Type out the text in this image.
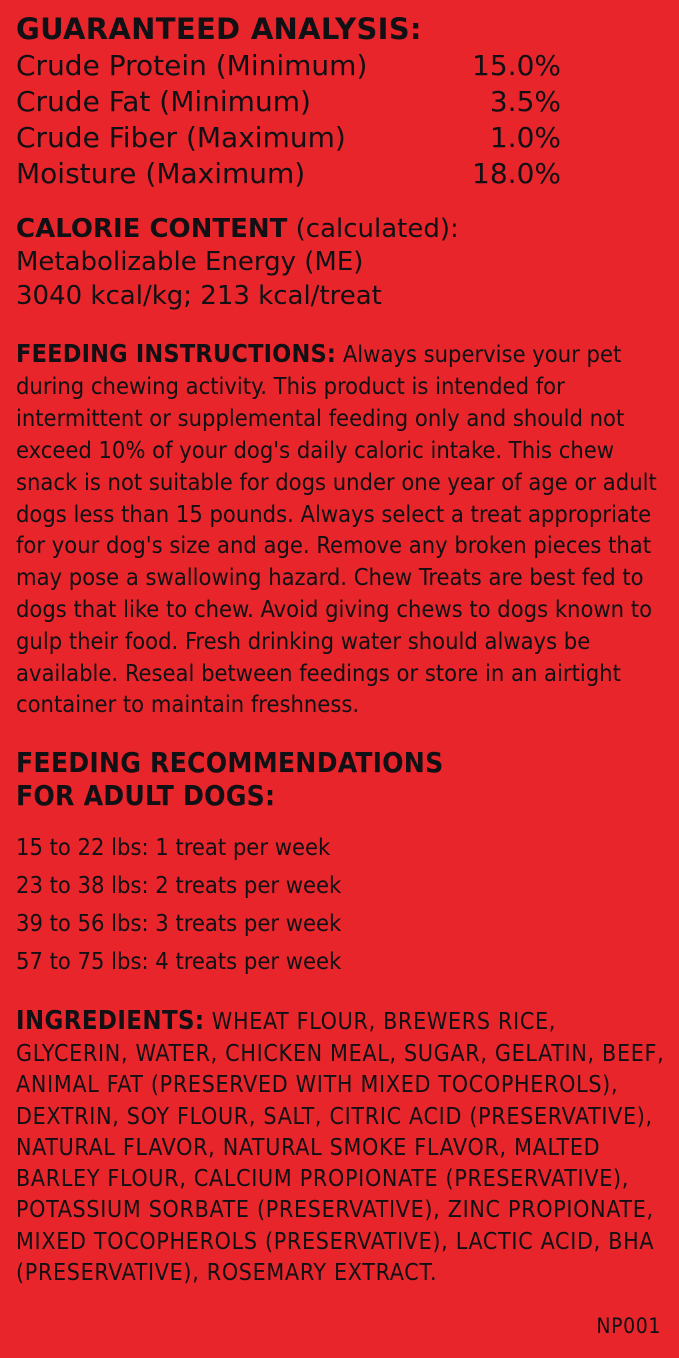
GUARANTEED ANALYSIS:
Crude Protein (Minimum)	15.0%
Crude Fat (Minimum)	3.5%
Crude Fiber (Maximum)	1.0%
Moisture (Maximum)	18.0%
CALORIE CONTENT (calculated):
Metabolizable Energy (ME)
3040 kcal/kg; 213 kcal/treat
FEEDING INSTRUCTIONS: Always supervise your pet during chewing activity. This product is intended for intermittent or supplemental feeding only and should not exceed 10% of your dog's daily caloric intake. This chew snack is not suitable for dogs under one year of age or adult dogs less than 15 pounds. Always select a treat appropriate for your dog's size and age. Remove any broken pieces that may pose a swallowing hazard. Chew Treats are best fed to dogs that like to chew. Avoid giving chews to dogs known to gulp their food. Fresh drinking water should always be available. Reseal between feedings or store in an airtight container to maintain freshness.
FEEDING RECOMMENDATIONS
FOR ADULT DOGS:
15 to 22 lbs: 1 treat per week
23 to 38 lbs: 2 treats per week
39 to 56 lbs: 3 treats per week
57 to 75 lbs: 4 treats per week
INGREDIENTS: WHEAT FLOUR, BREWERS RICE, GLYCERIN, WATER, CHICKEN MEAL, SUGAR, GELATIN, BEEF, ANIMAL FAT (PRESERVED WITH MIXED TOCOPHEROLS), DEXTRIN, SOY FLOUR, SALT, CITRIC ACID (PRESERVATIVE), NATURAL FLAVOR, NATURAL SMOKE FLAVOR, MALTED BARLEY FLOUR, CALCIUM PROPIONATE (PRESERVATIVE), POTASSIUM SORBATE (PRESERVATIVE), ZINC PROPIONATE, MIXED TOCOPHEROLS (PRESERVATIVE), LACTIC ACID, BHA (PRESERVATIVE), ROSEMARY EXTRACT.
NP001
